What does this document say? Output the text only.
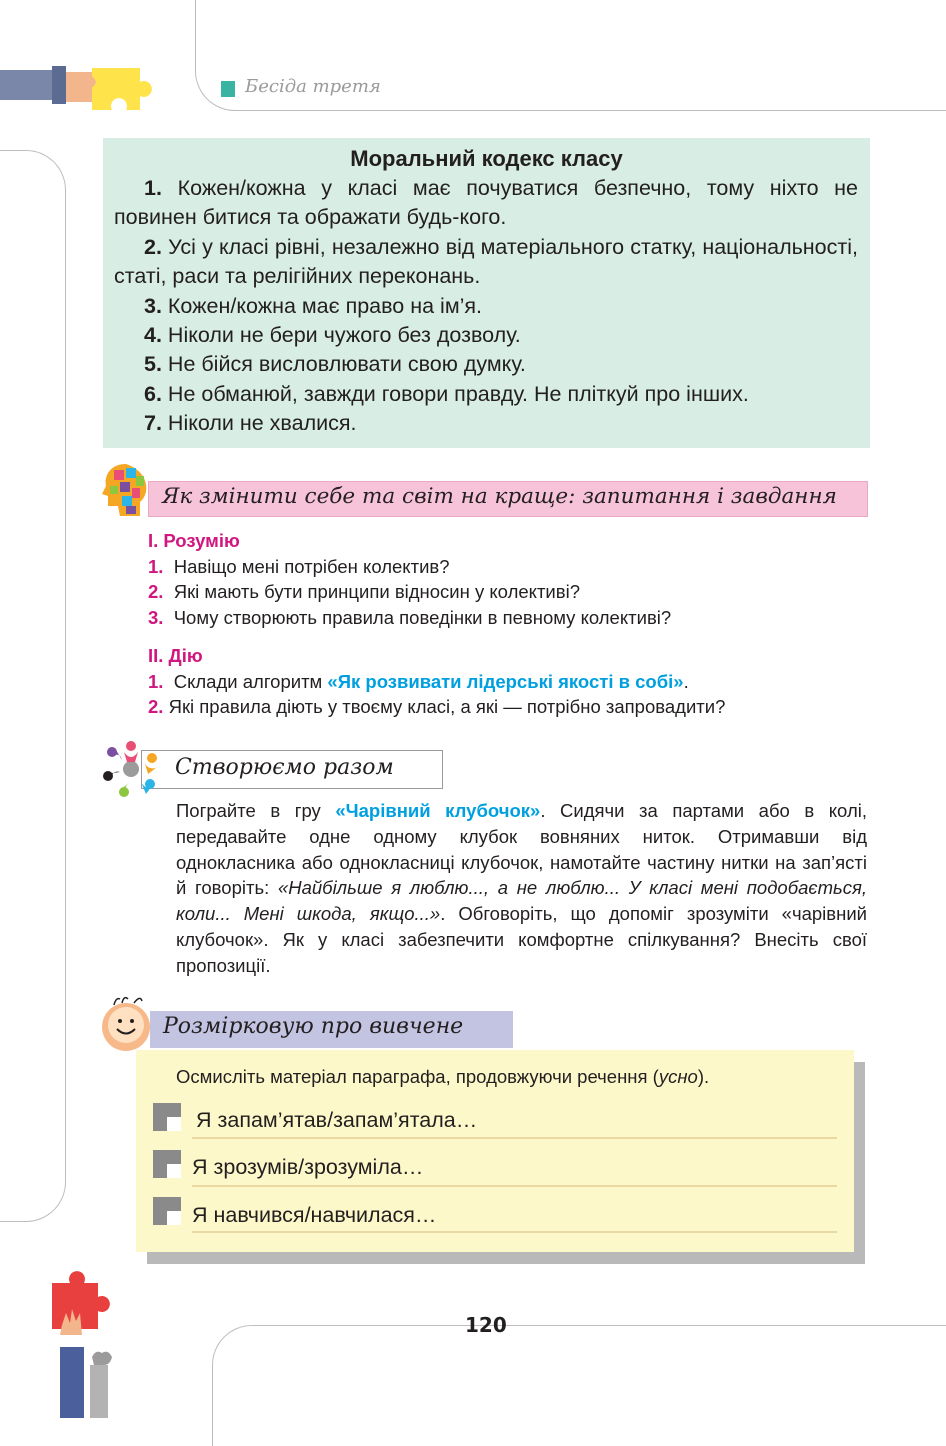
Бесіда третя
Моральний кодекс класу

1. Кожен/кожна у класі має почуватися безпечно, тому ніхто не повинен битися та ображати будь-кого.

2. Усі у класі рівні, незалежно від матеріального статку, національності, статі, раси та релігійних переконань.

3. Кожен/кожна має право на ім’я.

4. Ніколи не бери чужого без дозволу.

5. Не бійся висловлювати свою думку.

6. Не обманюй, завжди говори правду. Не пліткуй про інших.

7. Ніколи не хвалися.

Як змінити себе та світ на краще: запитання і завдання
I. Розумію
1. Навіщо мені потрібен колектив?
2. Які мають бути принципи відносин у колективі?
3. Чому створюють правила поведінки в певному колективі?
II. Дію
1. Склади алгоритм «Як розвивати лідерські якості в собі».
2. Які правила діють у твоєму класі, а які — потрібно запровадити?
Створюємо разом

Пограйте в гру «Чарівний клубочок». Сидячи за партами або в колі, передавайте одне одному клубок вовняних ниток. Отримавши від однокласника або однокласниці клубочок, намотайте частину нитки на зап’ясті й говоріть: «Найбільше я люблю..., а не люблю... У класі мені подобається, коли... Мені шкода, якщо...». Обговоріть, що допоміг зрозуміти «чарівний клубочок». Як у класі забезпечити комфортне спілкування? Внесіть свої пропозиції.

Розмірковую про вивчене
Осмисліть матеріал параграфа, продовжуючи речення (усно).
Я запам’ятав/запам’ятала…
Я зрозумів/зрозуміла…
Я навчився/навчилася…
120
